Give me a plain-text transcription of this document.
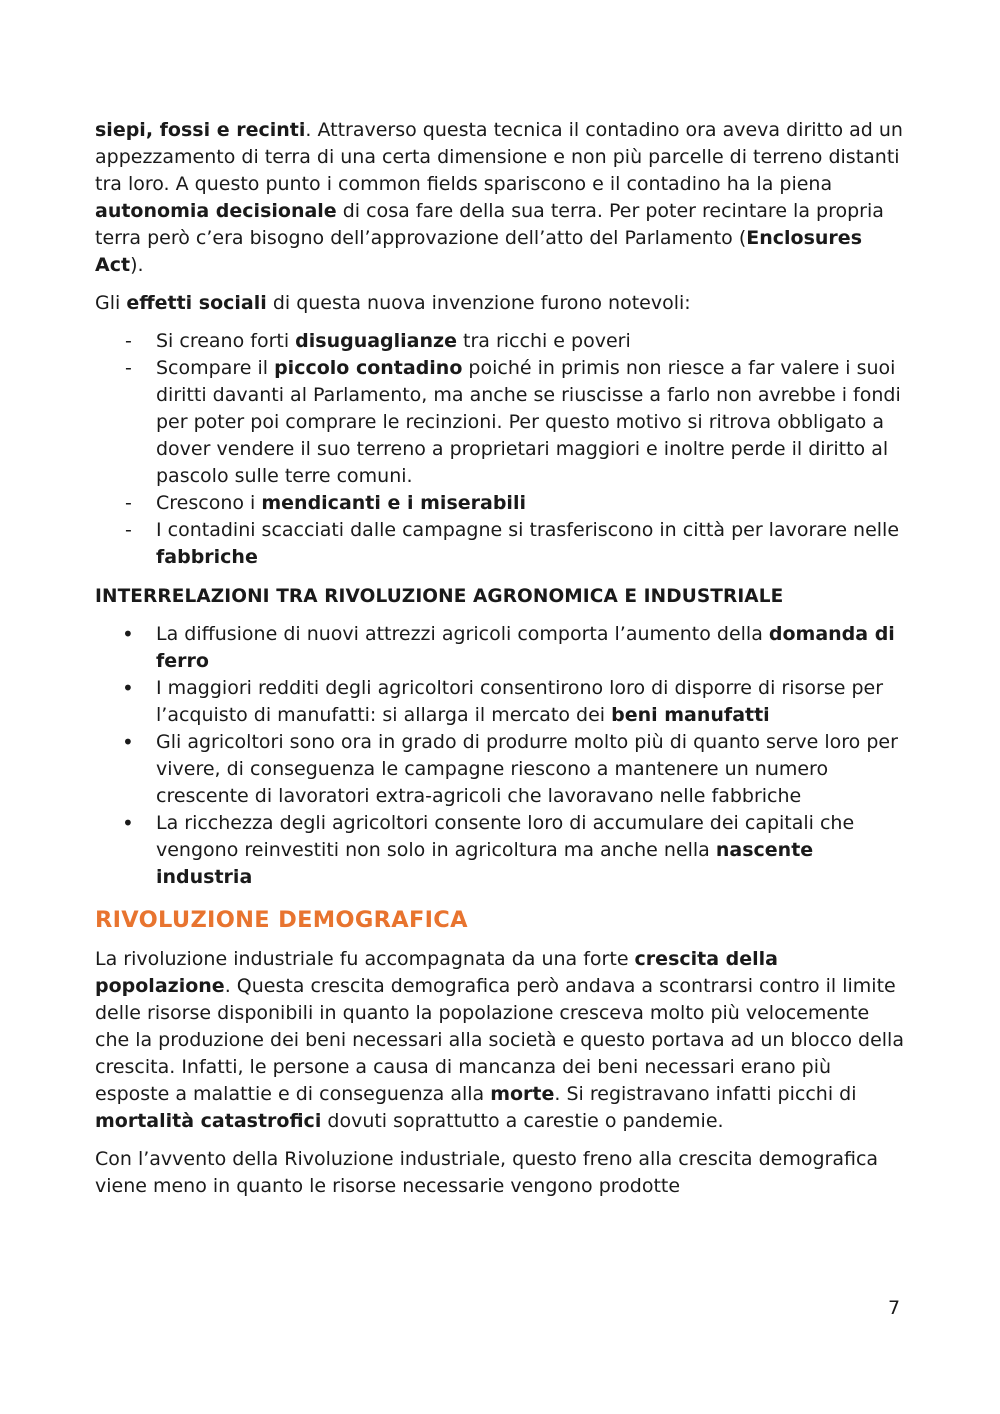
siepi, fossi e recinti. Attraverso questa tecnica il contadino ora aveva diritto ad un appezzamento di terra di una certa dimensione e non più parcelle di terreno distanti tra loro. A questo punto i common fields spariscono e il contadino ha la piena autonomia decisionale di cosa fare della sua terra. Per poter recintare la propria terra però c’era bisogno dell’approvazione dell’atto del Parlamento (Enclosures Act).

Gli effetti sociali di questa nuova invenzione furono notevoli:

- Si creano forti disuguaglianze tra ricchi e poveri
- Scompare il piccolo contadino poiché in primis non riesce a far valere i suoi diritti davanti al Parlamento, ma anche se riuscisse a farlo non avrebbe i fondi per poter poi comprare le recinzioni. Per questo motivo si ritrova obbligato a dover vendere il suo terreno a proprietari maggiori e inoltre perde il diritto al pascolo sulle terre comuni.
- Crescono i mendicanti e i miserabili
- I contadini scacciati dalle campagne si trasferiscono in città per lavorare nelle fabbriche
INTERRELAZIONI TRA RIVOLUZIONE AGRONOMICA E INDUSTRIALE
• La diffusione di nuovi attrezzi agricoli comporta l’aumento della domanda di ferro
• I maggiori redditi degli agricoltori consentirono loro di disporre di risorse per l’acquisto di manufatti: si allarga il mercato dei beni manufatti
• Gli agricoltori sono ora in grado di produrre molto più di quanto serve loro per vivere, di conseguenza le campagne riescono a mantenere un numero crescente di lavoratori extra-agricoli che lavoravano nelle fabbriche
• La ricchezza degli agricoltori consente loro di accumulare dei capitali che vengono reinvestiti non solo in agricoltura ma anche nella nascente industria
RIVOLUZIONE DEMOGRAFICA

La rivoluzione industriale fu accompagnata da una forte crescita della popolazione. Questa crescita demografica però andava a scontrarsi contro il limite delle risorse disponibili in quanto la popolazione cresceva molto più velocemente che la produzione dei beni necessari alla società e questo portava ad un blocco della crescita. Infatti, le persone a causa di mancanza dei beni necessari erano più esposte a malattie e di conseguenza alla morte. Si registravano infatti picchi di mortalità catastrofici dovuti soprattutto a carestie o pandemie.

Con l’avvento della Rivoluzione industriale, questo freno alla crescita demografica viene meno in quanto le risorse necessarie vengono prodotte

7
